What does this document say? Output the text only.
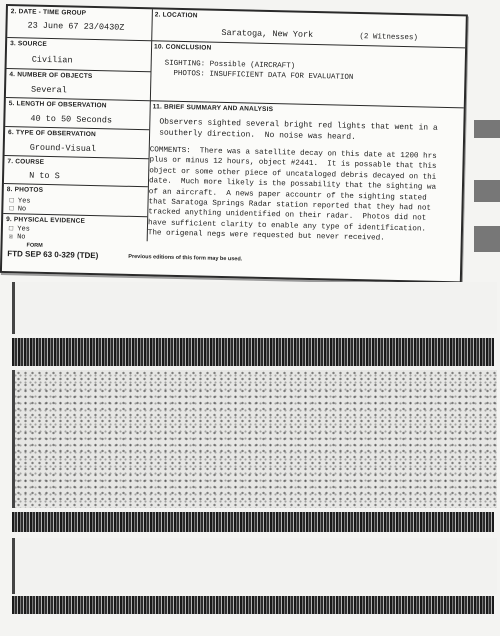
2. DATE - TIME GROUP
23 June 67 23/0430Z
3. SOURCE
Civilian
4. NUMBER OF OBJECTS
Several
5. LENGTH OF OBSERVATION
40 to 50 Seconds
6. TYPE OF OBSERVATION
Ground-Visual
7. COURSE
N to S
8. PHOTOS
□ Yes
□ No
9. PHYSICAL EVIDENCE
□ Yes
☒ No
2. LOCATION
Saratoga, New York	(2 Witnesses)
10. CONCLUSION
SIGHTING: Possible (AIRCRAFT)
PHOTOS: INSUFFICIENT DATA FOR EVALUATION
11. BRIEF SUMMARY AND ANALYSIS
Observers sighted several bright red lights that went in a
southerly direction.  No noise was heard.
COMMENTS:  There was a satellite decay on this date at 1200 hrs
plus or minus 12 hours, object #2441.  It is possable that this
object or some other piece of uncataloged debris decayed on thi
date.  Much more likely is the possability that the sighting wa
of an aircraft.  A news paper accountr of the sighting stated
that Saratoga Springs Radar station reported that they had not
tracked anything unidentified on their radar.  Photos did not
have sufficient clarity to enable any type of identification.
The origenal negs were requested but never received.
FORM
FTD SEP 63 0-329 (TDE)	Previous editions of this form may be used.
